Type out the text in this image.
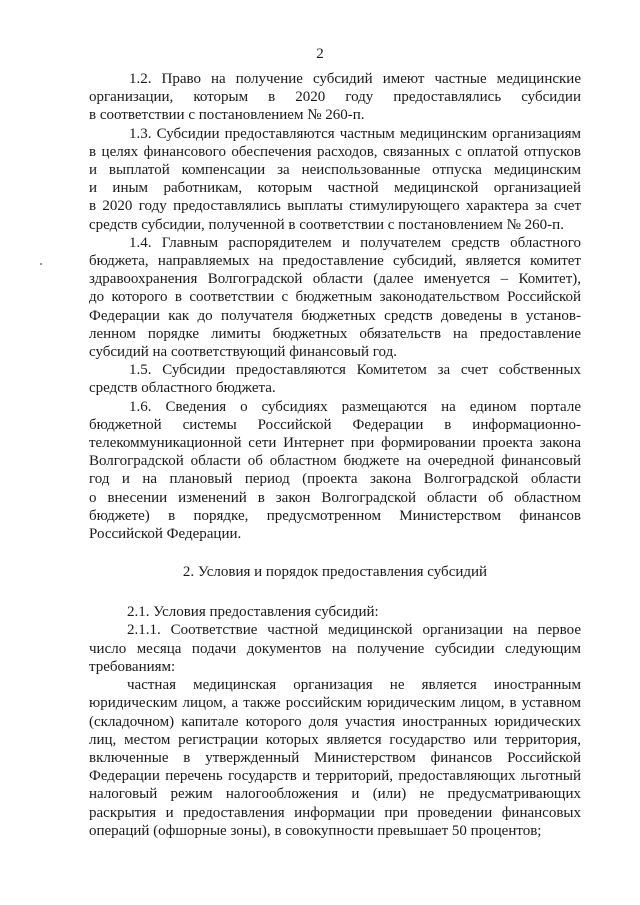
2
1.2. Право на получение субсидий имеют частные медицинские
организации, которым в 2020 году предоставлялись субсидии
в соответствии с постановлением № 260-п.
1.3. Субсидии предоставляются частным медицинским организациям
в целях финансового обеспечения расходов, связанных с оплатой отпусков
и выплатой компенсации за неиспользованные отпуска медицинским
и иным работникам, которым частной медицинской организацией
в 2020 году предоставлялись выплаты стимулирующего характера за счет
средств субсидии, полученной в соответствии с постановлением № 260-п.
1.4. Главным распорядителем и получателем средств областного
бюджета, направляемых на предоставление субсидий, является комитет
здравоохранения Волгоградской области (далее именуется – Комитет),
до которого в соответствии с бюджетным законодательством Российской
Федерации как до получателя бюджетных средств доведены в установ-
ленном порядке лимиты бюджетных обязательств на предоставление
субсидий на соответствующий финансовый год.
1.5. Субсидии предоставляются Комитетом за счет собственных
средств областного бюджета.
1.6. Сведения о субсидиях размещаются на едином портале
бюджетной системы Российской Федерации в информационно-
телекоммуникационной сети Интернет при формировании проекта закона
Волгоградской области об областном бюджете на очередной финансовый
год и на плановый период (проекта закона Волгоградской области
о внесении изменений в закон Волгоградской области об областном
бюджете) в порядке, предусмотренном Министерством финансов
Российской Федерации.
2. Условия и порядок предоставления субсидий
2.1. Условия предоставления субсидий:
2.1.1. Соответствие частной медицинской организации на первое
число месяца подачи документов на получение субсидии следующим
требованиям:
частная медицинская организация не является иностранным
юридическим лицом, а также российским юридическим лицом, в уставном
(складочном) капитале которого доля участия иностранных юридических
лиц, местом регистрации которых является государство или территория,
включенные в утвержденный Министерством финансов Российской
Федерации перечень государств и территорий, предоставляющих льготный
налоговый режим налогообложения и (или) не предусматривающих
раскрытия и предоставления информации при проведении финансовых
операций (офшорные зоны), в совокупности превышает 50 процентов;
